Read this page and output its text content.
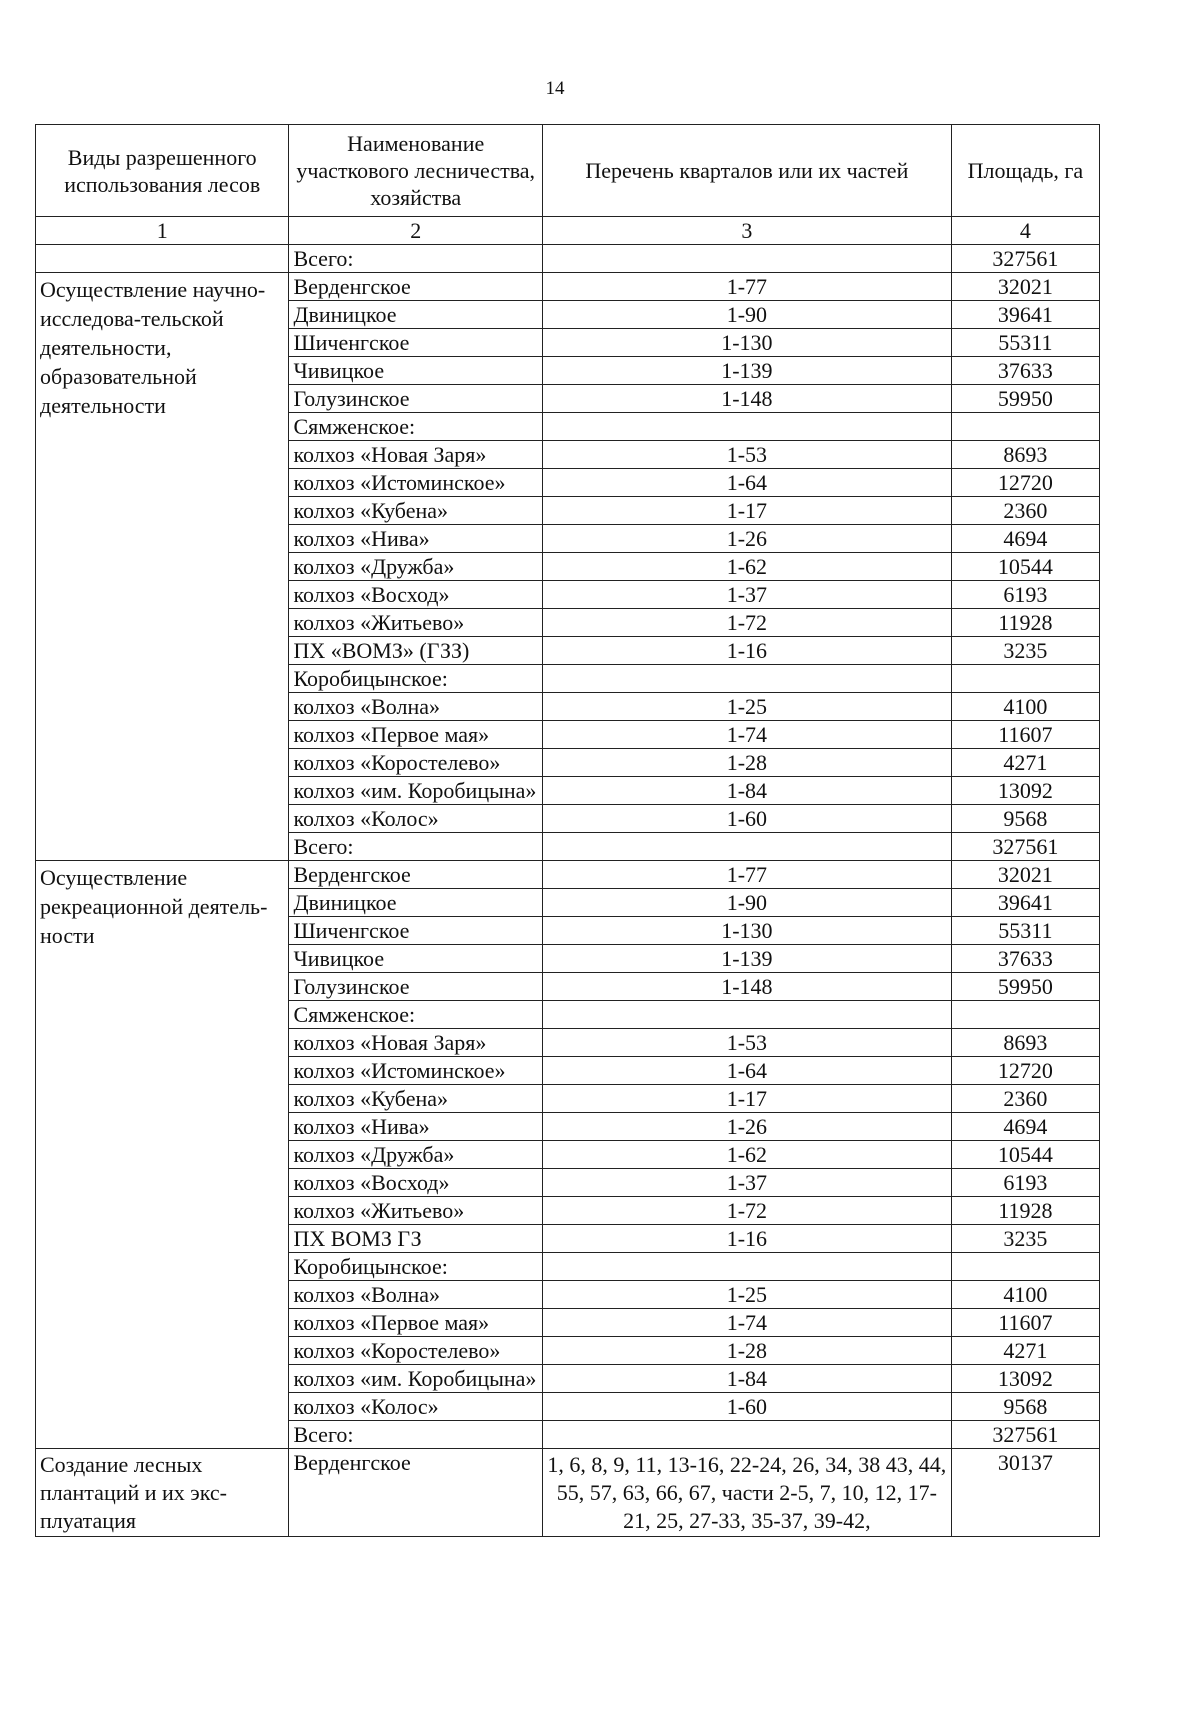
14
Виды разрешенного использования лесов	Наименование участкового лесничества, хозяйства	Перечень кварталов или их частей	Площадь, га
1	2	3	4
	Всего:		327561
Осуществление научно-исследова-тельской деятельности, образовательной деятельности	Верденгское	1-77	32021
	Двиницкое	1-90	39641
	Шиченгское	1-130	55311
	Чивицкое	1-139	37633
	Голузинское	1-148	59950
	Сямженское:		
	колхоз «Новая Заря»	1-53	8693
	колхоз «Истоминское»	1-64	12720
	колхоз «Кубена»	1-17	2360
	колхоз «Нива»	1-26	4694
	колхоз «Дружба»	1-62	10544
	колхоз «Восход»	1-37	6193
	колхоз «Житьево»	1-72	11928
	ПХ «ВОМЗ» (ГЗЗ)	1-16	3235
	Коробицынское:		
	колхоз «Волна»	1-25	4100
	колхоз «Первое мая»	1-74	11607
	колхоз «Коростелево»	1-28	4271
	колхоз «им. Коробицына»	1-84	13092
	колхоз «Колос»	1-60	9568
	Всего:		327561
Осуществление рекреационной деятель-ности	Верденгское	1-77	32021
	Двиницкое	1-90	39641
	Шиченгское	1-130	55311
	Чивицкое	1-139	37633
	Голузинское	1-148	59950
	Сямженское:		
	колхоз «Новая Заря»	1-53	8693
	колхоз «Истоминское»	1-64	12720
	колхоз «Кубена»	1-17	2360
	колхоз «Нива»	1-26	4694
	колхоз «Дружба»	1-62	10544
	колхоз «Восход»	1-37	6193
	колхоз «Житьево»	1-72	11928
	ПХ ВОМЗ ГЗ	1-16	3235
	Коробицынское:		
	колхоз «Волна»	1-25	4100
	колхоз «Первое мая»	1-74	11607
	колхоз «Коростелево»	1-28	4271
	колхоз «им. Коробицына»	1-84	13092
	колхоз «Колос»	1-60	9568
	Всего:		327561
Создание лесных плантаций и их экс-плуатация	Верденгское	1, 6, 8, 9, 11, 13-16, 22-24, 26, 34, 38 43, 44, 55, 57, 63, 66, 67, части 2-5, 7, 10, 12, 17-21, 25, 27-33, 35-37, 39-42,	30137
